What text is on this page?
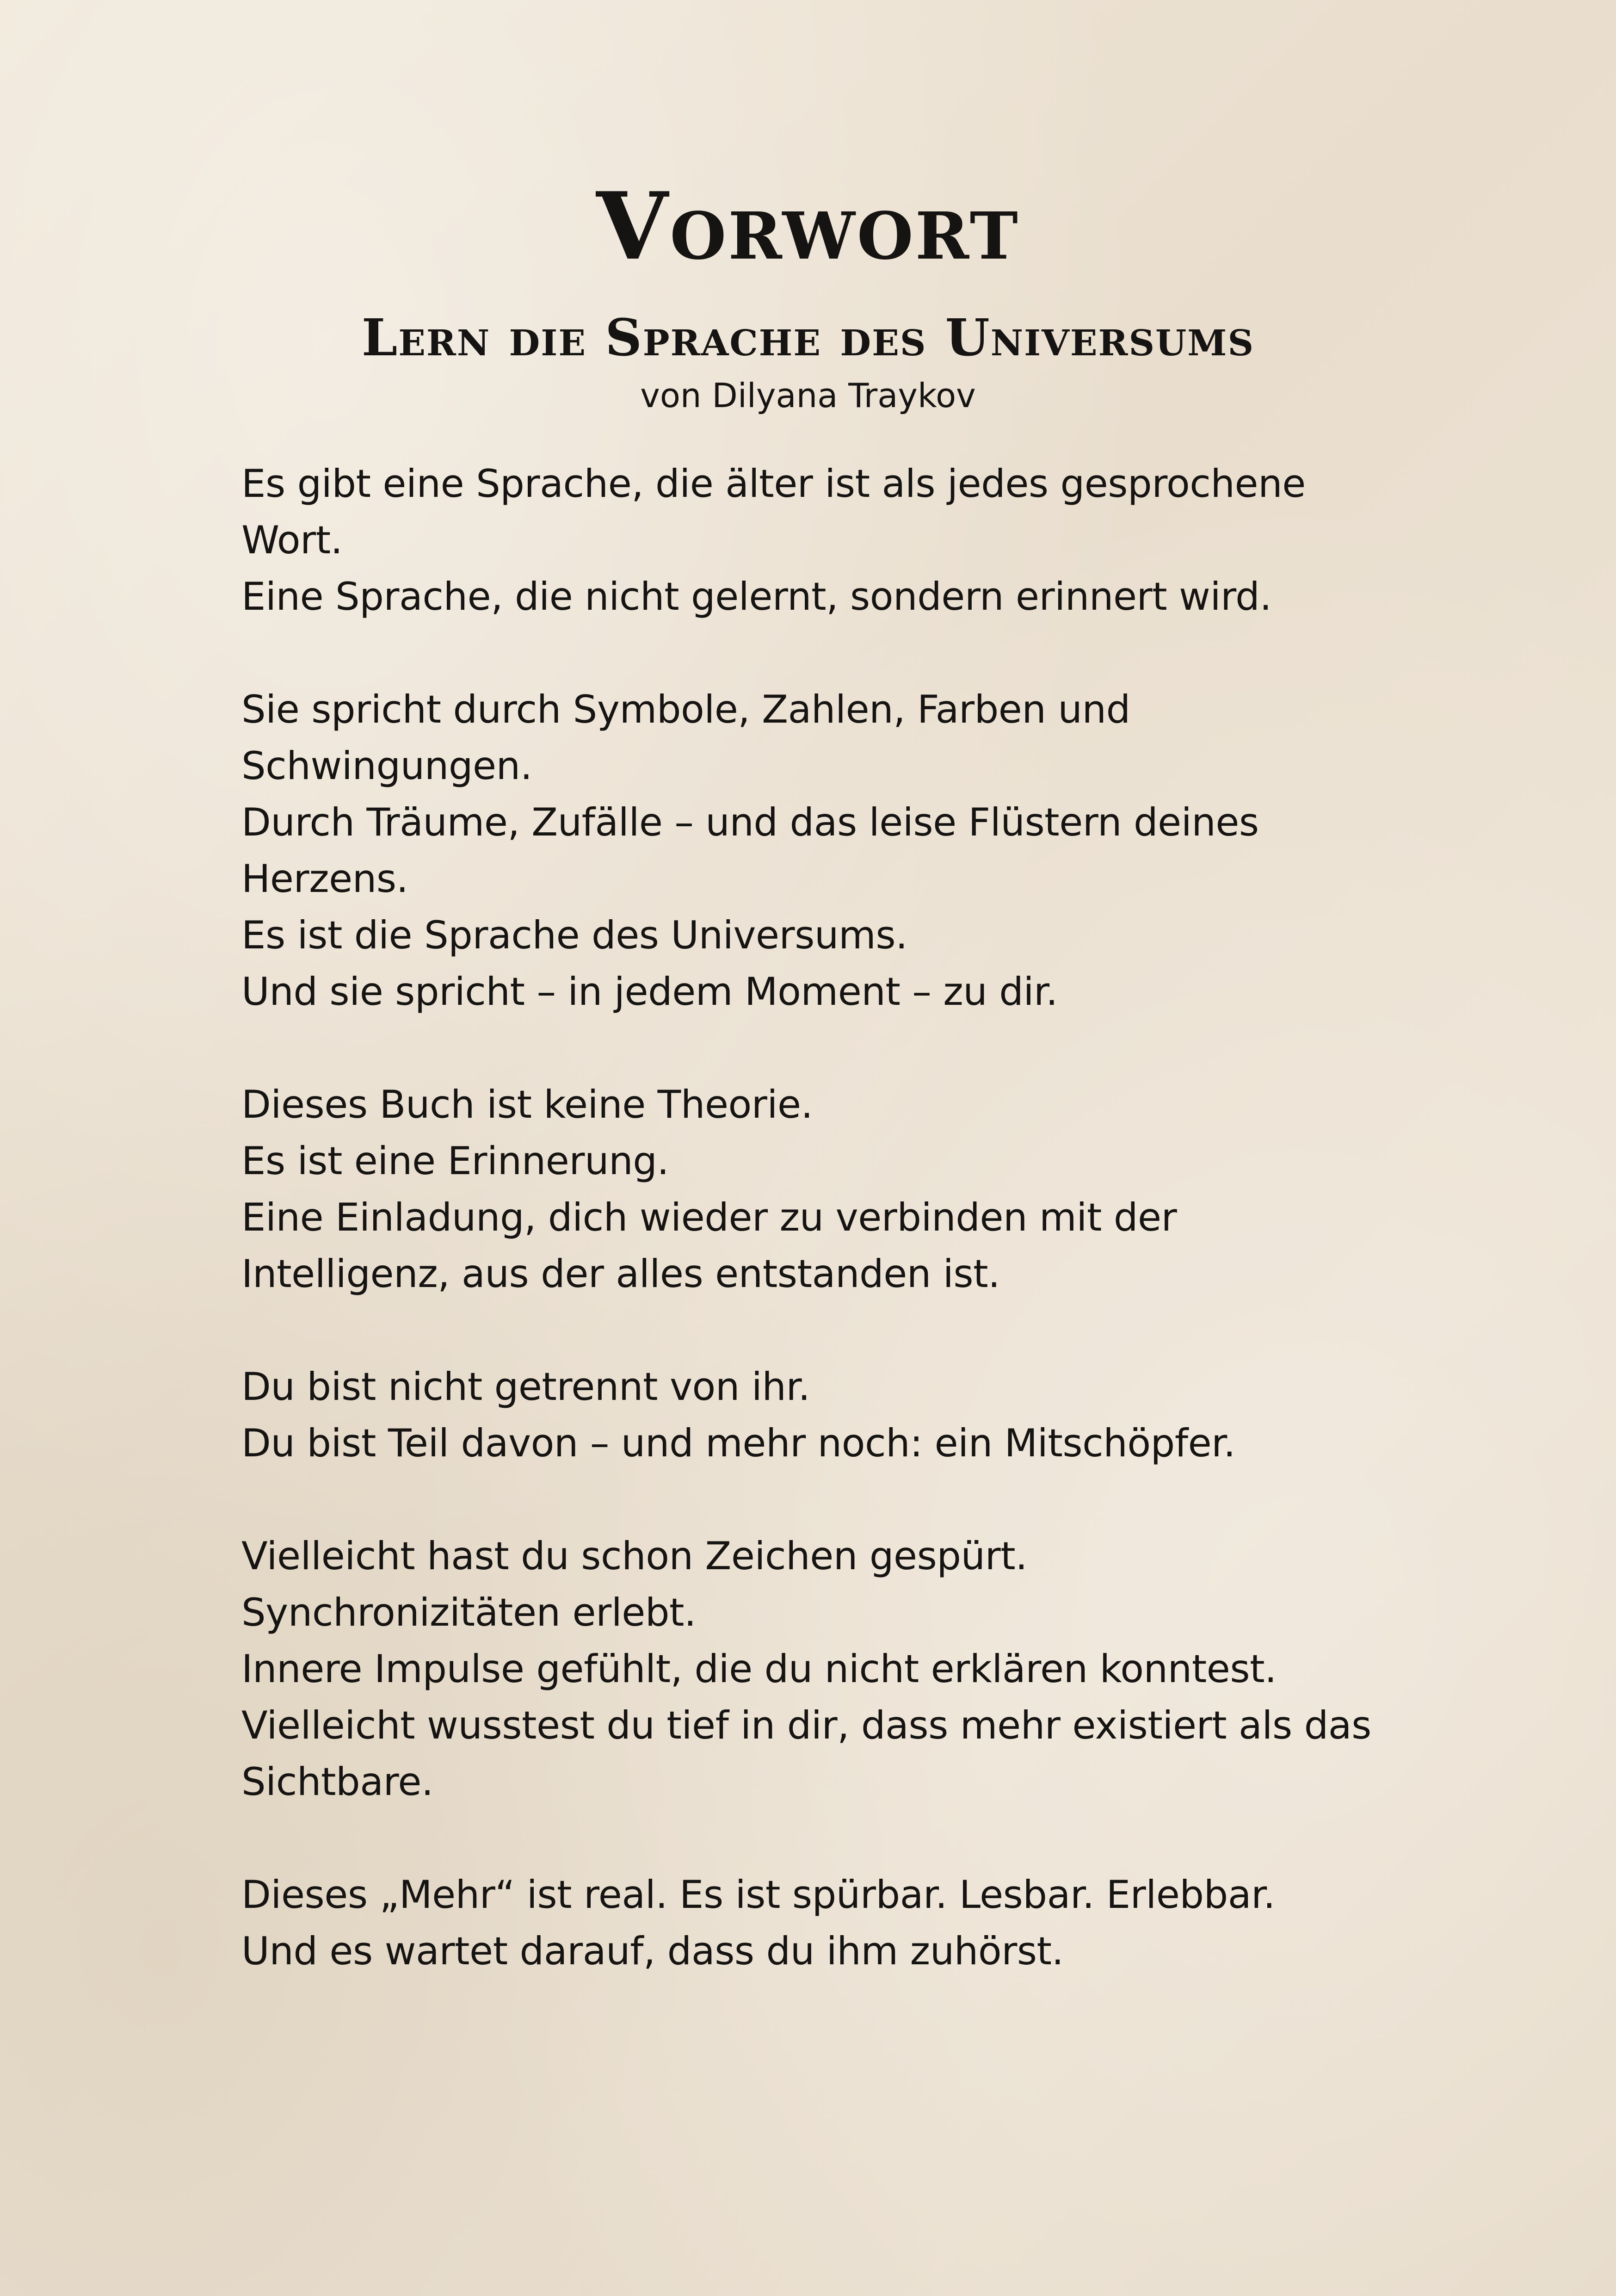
Vorwort
Lern die Sprache des Universums
von Dilyana Traykov
Es gibt eine Sprache, die älter ist als jedes gesprochene
Wort.
Eine Sprache, die nicht gelernt, sondern erinnert wird.
Sie spricht durch Symbole, Zahlen, Farben und
Schwingungen.
Durch Träume, Zufälle – und das leise Flüstern deines
Herzens.
Es ist die Sprache des Universums.
Und sie spricht – in jedem Moment – zu dir.
Dieses Buch ist keine Theorie.
Es ist eine Erinnerung.
Eine Einladung, dich wieder zu verbinden mit der
Intelligenz, aus der alles entstanden ist.
Du bist nicht getrennt von ihr.
Du bist Teil davon – und mehr noch: ein Mitschöpfer.
Vielleicht hast du schon Zeichen gespürt.
Synchronizitäten erlebt.
Innere Impulse gefühlt, die du nicht erklären konntest.
Vielleicht wusstest du tief in dir, dass mehr existiert als das
Sichtbare.
Dieses „Mehr“ ist real. Es ist spürbar. Lesbar. Erlebbar.
Und es wartet darauf, dass du ihm zuhörst.
